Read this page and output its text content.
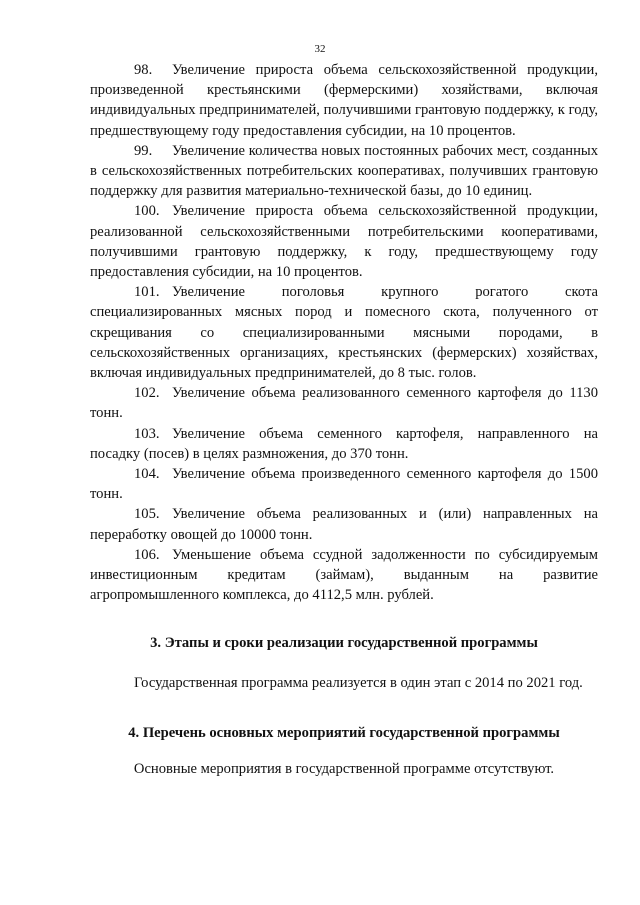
32

98. Увеличение прироста объема сельскохозяйственной продукции, произведенной крестьянскими (фермерскими) хозяйствами, включая индивидуальных предпринимателей, получившими грантовую поддержку, к году, предшествующему году предоставления субсидии, на 10 процентов.

99. Увеличение количества новых постоянных рабочих мест, созданных в сельскохозяйственных потребительских кооперативах, получивших грантовую поддержку для развития материально-технической базы, до 10 единиц.

100. Увеличение прироста объема сельскохозяйственной продукции, реализованной сельскохозяйственными потребительскими кооперативами, получившими грантовую поддержку, к году, предшествующему году предоставления субсидии, на 10 процентов.

101. Увеличение поголовья крупного рогатого скота специализированных мясных пород и помесного скота, полученного от скрещивания со специализированными мясными породами, в сельскохозяйственных организациях, крестьянских (фермерских) хозяйствах, включая индивидуальных предпринимателей, до 8 тыс. голов.

102. Увеличение объема реализованного семенного картофеля до 1130 тонн.

103. Увеличение объема семенного картофеля, направленного на посадку (посев) в целях размножения, до 370 тонн.

104. Увеличение объема произведенного семенного картофеля до 1500 тонн.

105. Увеличение объема реализованных и (или) направленных на переработку овощей до 10000 тонн.

106. Уменьшение объема ссудной задолженности по субсидируемым инвестиционным кредитам (займам), выданным на развитие агропромышленного комплекса, до 4112,5 млн. рублей.

3. Этапы и сроки реализации государственной программы

Государственная программа реализуется в один этап с 2014 по 2021 год.

4. Перечень основных мероприятий государственной программы

Основные мероприятия в государственной программе отсутствуют.
